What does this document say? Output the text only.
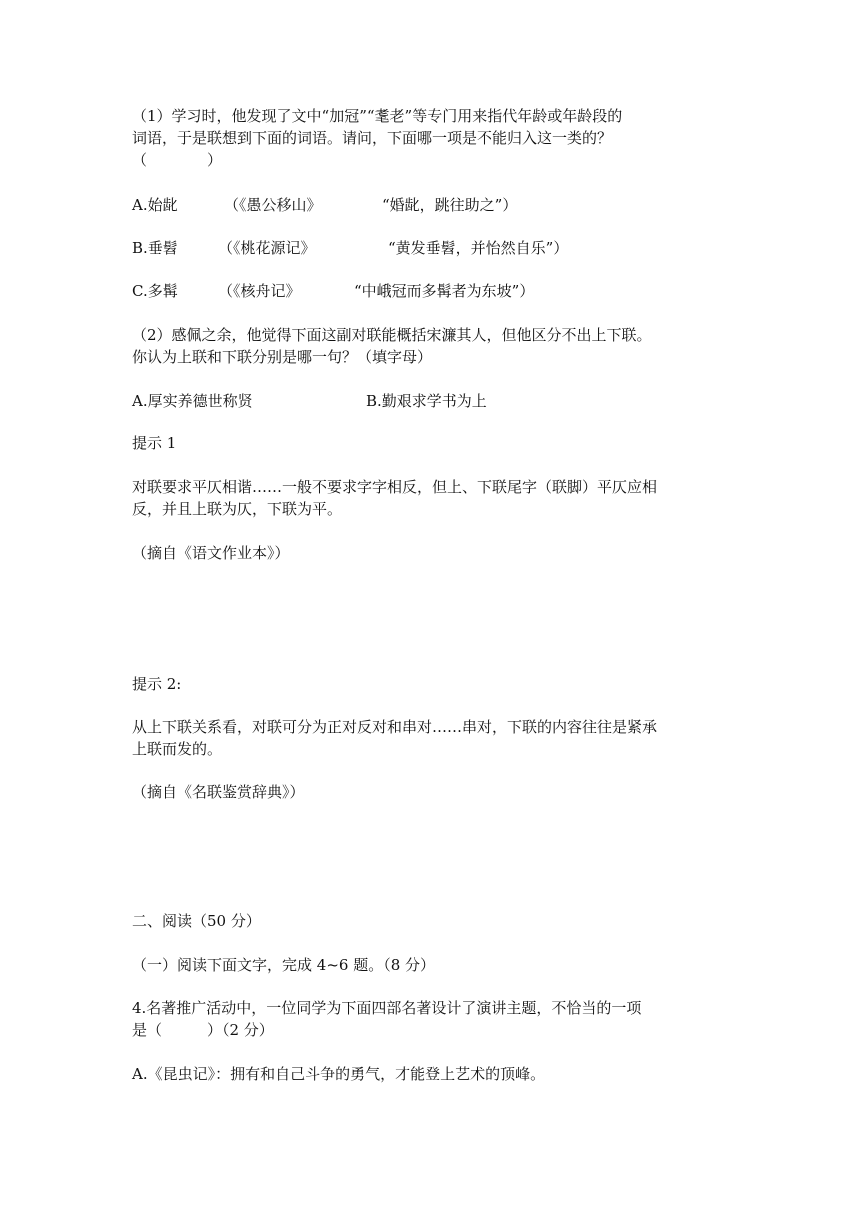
（1）学习时，他发现了文中“加冠”“耄老”等专门用来指代年龄或年龄段的
词语，于是联想到下面的词语。请问，下面哪一项是不能归入这一类的？
（　　　　）
A.始龀	（《愚公移山》	“婚龀，跳往助之”）
B.垂髫	（《桃花源记》	“黄发垂髫，并怡然自乐”）
C.多髯	（《核舟记》	“中峨冠而多髯者为东坡”）
（2）感佩之余，他觉得下面这副对联能概括宋濂其人，但他区分不出上下联。
你认为上联和下联分别是哪一句？（填字母）
A.厚实养德世称贤	B.勤艰求学书为上
提示 1
对联要求平仄相谐……一般不要求字字相反，但上、下联尾字（联脚）平仄应相
反，并且上联为仄，下联为平。
（摘自《语文作业本》）
提示 2:
从上下联关系看，对联可分为正对反对和串对……串对，下联的内容往往是紧承
上联而发的。
（摘自《名联鉴赏辞典》）
二、阅读（50 分）
（一）阅读下面文字，完成 4~6 题。（8 分）
4.名著推广活动中，一位同学为下面四部名著设计了演讲主题，不恰当的一项
是（　　　）（2 分）
A.《昆虫记》：拥有和自己斗争的勇气，才能登上艺术的顶峰。
